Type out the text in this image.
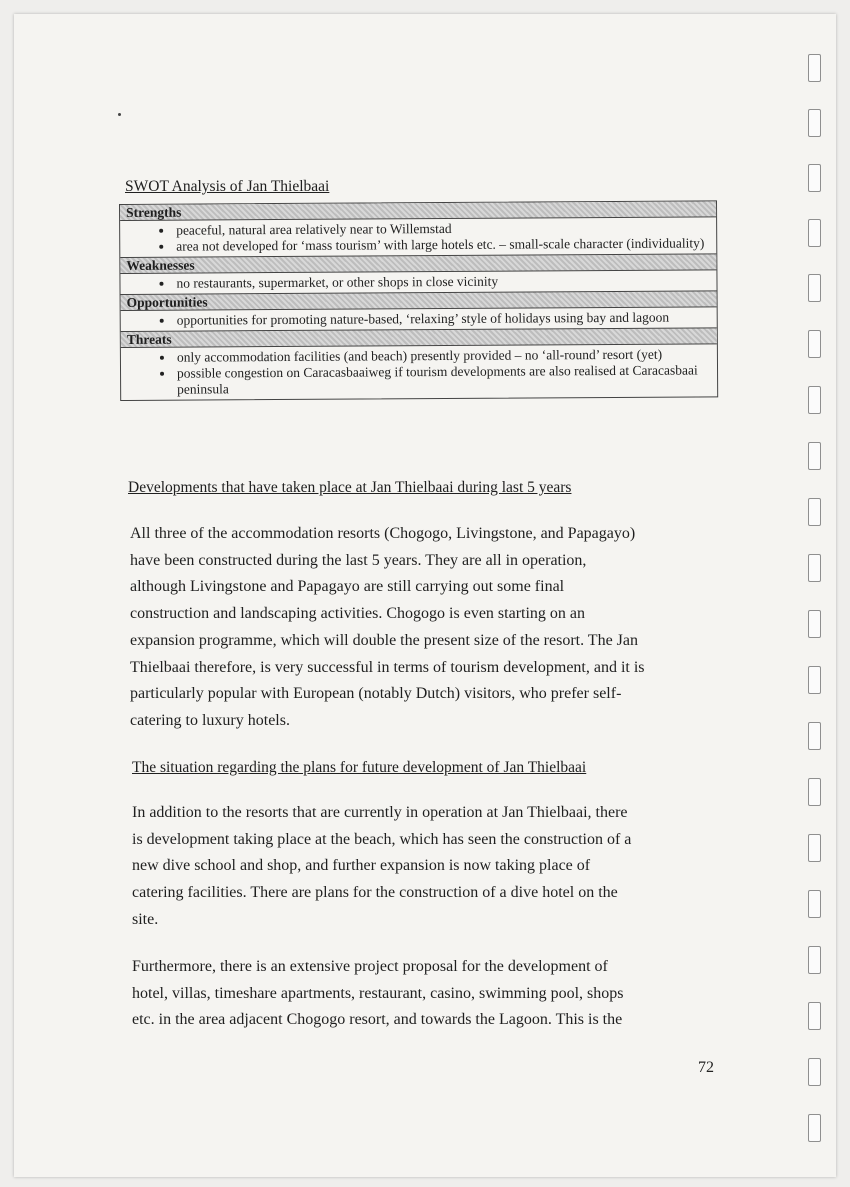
SWOT Analysis of Jan Thielbaai
Strengths
• peaceful, natural area relatively near to Willemstad
• area not developed for ‘mass tourism’ with large hotels etc. – small-scale character (individuality)
Weaknesses
• no restaurants, supermarket, or other shops in close vicinity
Opportunities
• opportunities for promoting nature-based, ‘relaxing’ style of holidays using bay and lagoon
Threats
• only accommodation facilities (and beach) presently provided – no ‘all-round’ resort (yet)
• possible congestion on Caracasbaaiweg if tourism developments are also realised at Caracasbaai peninsula
Developments that have taken place at Jan Thielbaai during last 5 years
All three of the accommodation resorts (Chogogo, Livingstone, and Papagayo)
have been constructed during the last 5 years. They are all in operation,
although Livingstone and Papagayo are still carrying out some final
construction and landscaping activities. Chogogo is even starting on an
expansion programme, which will double the present size of the resort. The Jan
Thielbaai therefore, is very successful in terms of tourism development, and it is
particularly popular with European (notably Dutch) visitors, who prefer self-
catering to luxury hotels.
The situation regarding the plans for future development of Jan Thielbaai
In addition to the resorts that are currently in operation at Jan Thielbaai, there
is development taking place at the beach, which has seen the construction of a
new dive school and shop, and further expansion is now taking place of
catering facilities. There are plans for the construction of a dive hotel on the
site.
Furthermore, there is an extensive project proposal for the development of
hotel, villas, timeshare apartments, restaurant, casino, swimming pool, shops
etc. in the area adjacent Chogogo resort, and towards the Lagoon. This is the
72
